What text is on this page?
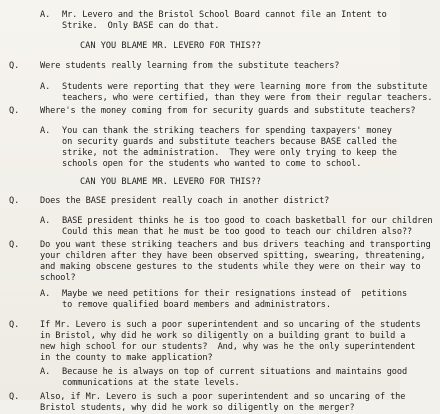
A. Mr. Levero and the Bristol School Board cannot file an Intent to
Strike.  Only BASE can do that.
CAN YOU BLAME MR. LEVERO FOR THIS??
Q. Were students really learning from the substitute teachers?
A. Students were reporting that they were learning more from the substitute
teachers, who were certified, than they were from their regular teachers.
Q. Where's the money coming from for security guards and substitute teachers?
A. You can thank the striking teachers for spending taxpayers' money
on security guards and substitute teachers because BASE called the
strike, not the administration.  They were only trying to keep the
schools open for the students who wanted to come to school.
CAN YOU BLAME MR. LEVERO FOR THIS??
Q. Does the BASE president really coach in another district?
A. BASE president thinks he is too good to coach basketball for our children
Could this mean that he must be too good to teach our children also??
Q. Do you want these striking teachers and bus drivers teaching and transporting
your children after they have been observed spitting, swearing, threatening,
and making obscene gestures to the students while they were on their way to
school?
A. Maybe we need petitions for their resignations instead of  petitions
to remove qualified board members and administrators.
Q. If Mr. Levero is such a poor superintendent and so uncaring of the students
in Bristol, why did he work so diligently on a building grant to build a
new high school for our students?  And, why was he the only superintendent
in the county to make application?
A. Because he is always on top of current situations and maintains good
communications at the state levels.
Q. Also, if Mr. Levero is such a poor superintendent and so uncaring of the
Bristol students, why did he work so diligently on the merger?
